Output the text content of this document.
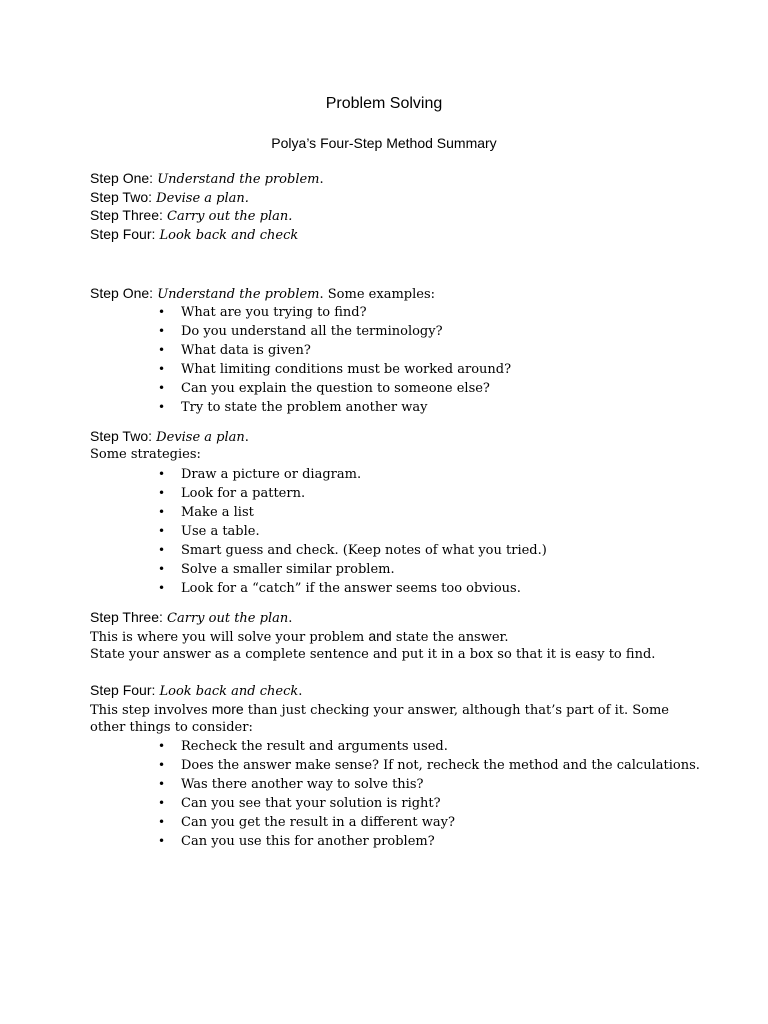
Problem Solving
Polya’s Four-Step Method Summary
Step One: Understand the problem.
Step Two: Devise a plan.
Step Three: Carry out the plan.
Step Four: Look back and check
Step One: Understand the problem. Some examples:
• What are you trying to find?
• Do you understand all the terminology?
• What data is given?
• What limiting conditions must be worked around?
• Can you explain the question to someone else?
• Try to state the problem another way
Step Two: Devise a plan.
Some strategies:
• Draw a picture or diagram.
• Look for a pattern.
• Make a list
• Use a table.
• Smart guess and check. (Keep notes of what you tried.)
• Solve a smaller similar problem.
• Look for a “catch” if the answer seems too obvious.
Step Three: Carry out the plan.
This is where you will solve your problem and state the answer.
State your answer as a complete sentence and put it in a box so that it is easy to find.
Step Four: Look back and check.
This step involves more than just checking your answer, although that’s part of it. Some
other things to consider:
• Recheck the result and arguments used.
• Does the answer make sense? If not, recheck the method and the calculations.
• Was there another way to solve this?
• Can you see that your solution is right?
• Can you get the result in a different way?
• Can you use this for another problem?
